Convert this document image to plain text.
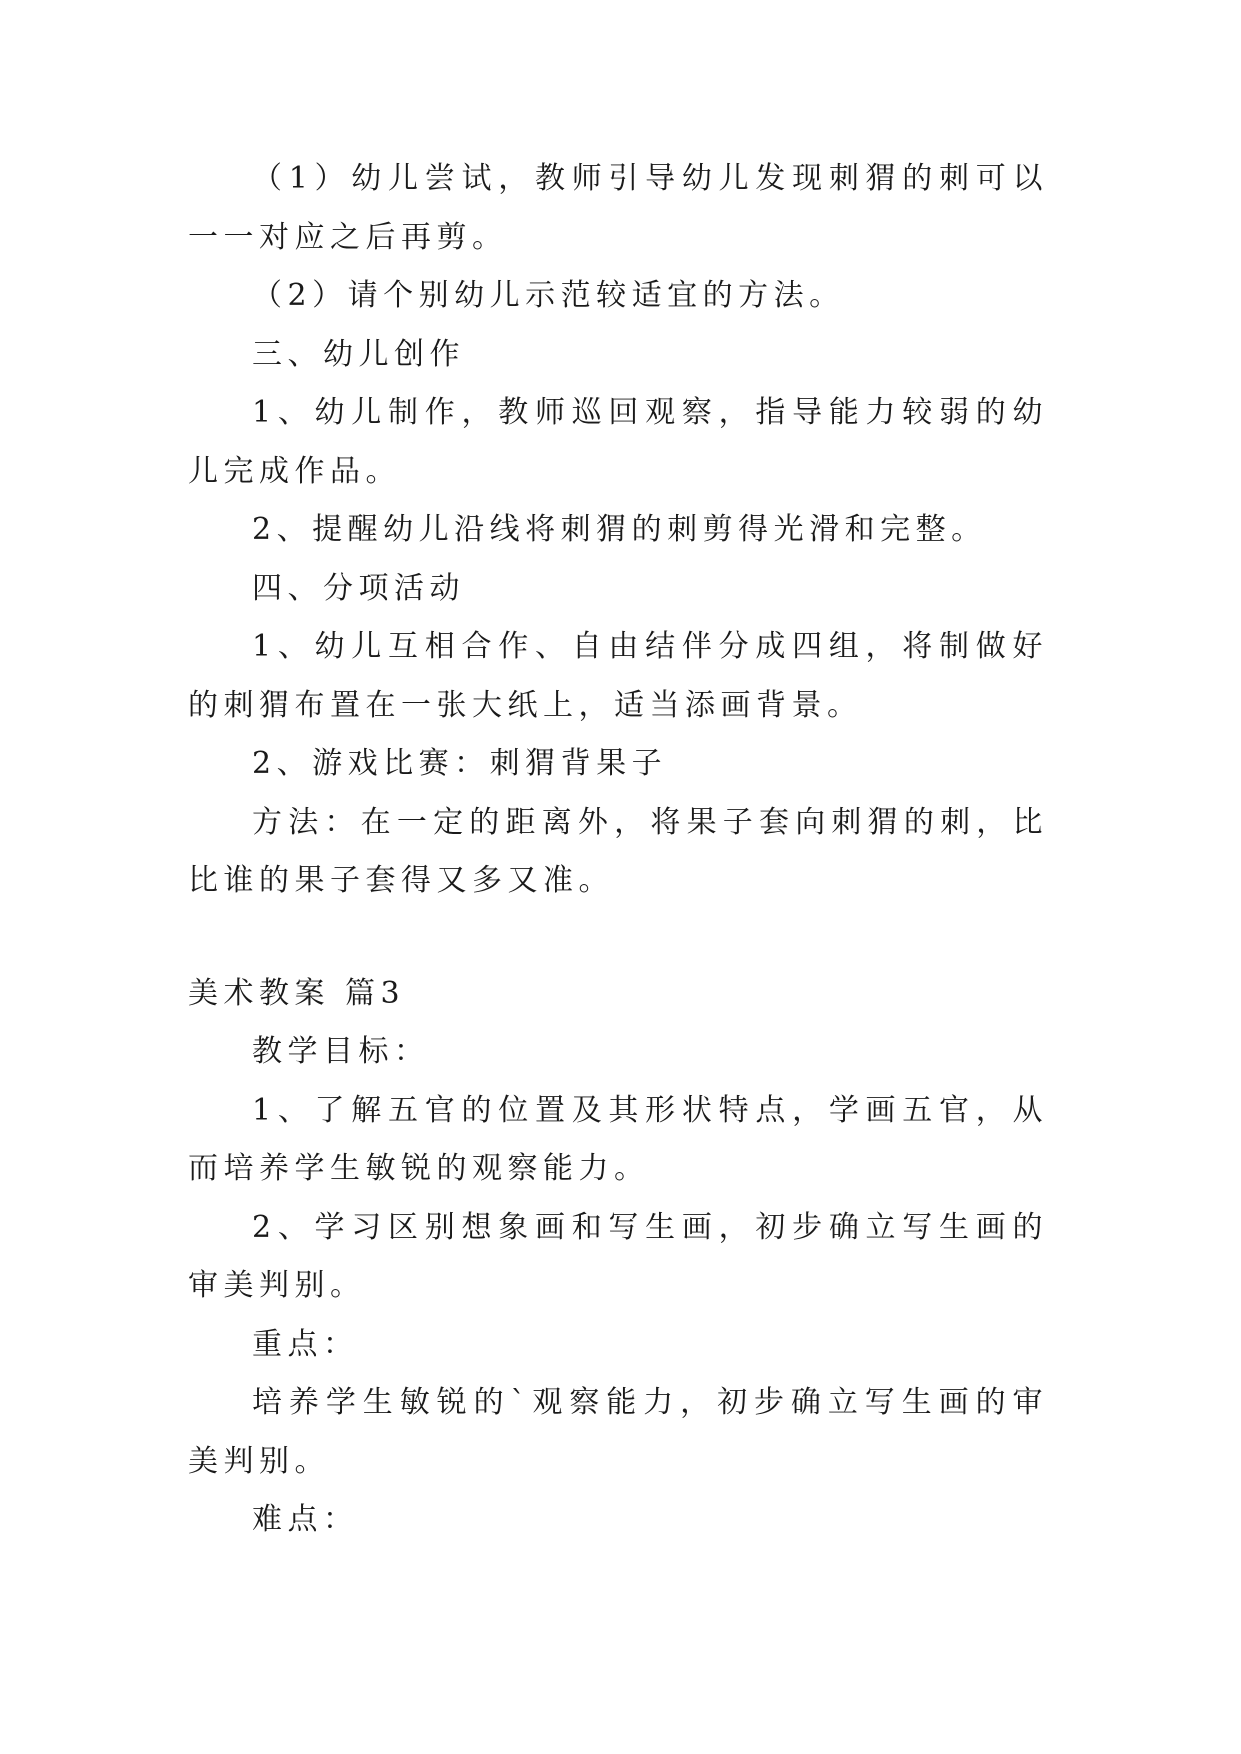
（1）幼儿尝试，教师引导幼儿发现刺猬的刺可以一一对应之后再剪。

（2）请个别幼儿示范较适宜的方法。

三、幼儿创作

1、幼儿制作，教师巡回观察，指导能力较弱的幼儿完成作品。

2、提醒幼儿沿线将刺猬的刺剪得光滑和完整。

四、分项活动

1、幼儿互相合作、自由结伴分成四组，将制做好的刺猬布置在一张大纸上，适当添画背景。

2、游戏比赛：刺猬背果子

方法：在一定的距离外，将果子套向刺猬的刺，比比谁的果子套得又多又准。

美术教案 篇3

教学目标：

1、了解五官的位置及其形状特点，学画五官，从而培养学生敏锐的观察能力。

2、学习区别想象画和写生画，初步确立写生画的审美判别。

重点：

培养学生敏锐的`观察能力，初步确立写生画的审美判别。

难点：
